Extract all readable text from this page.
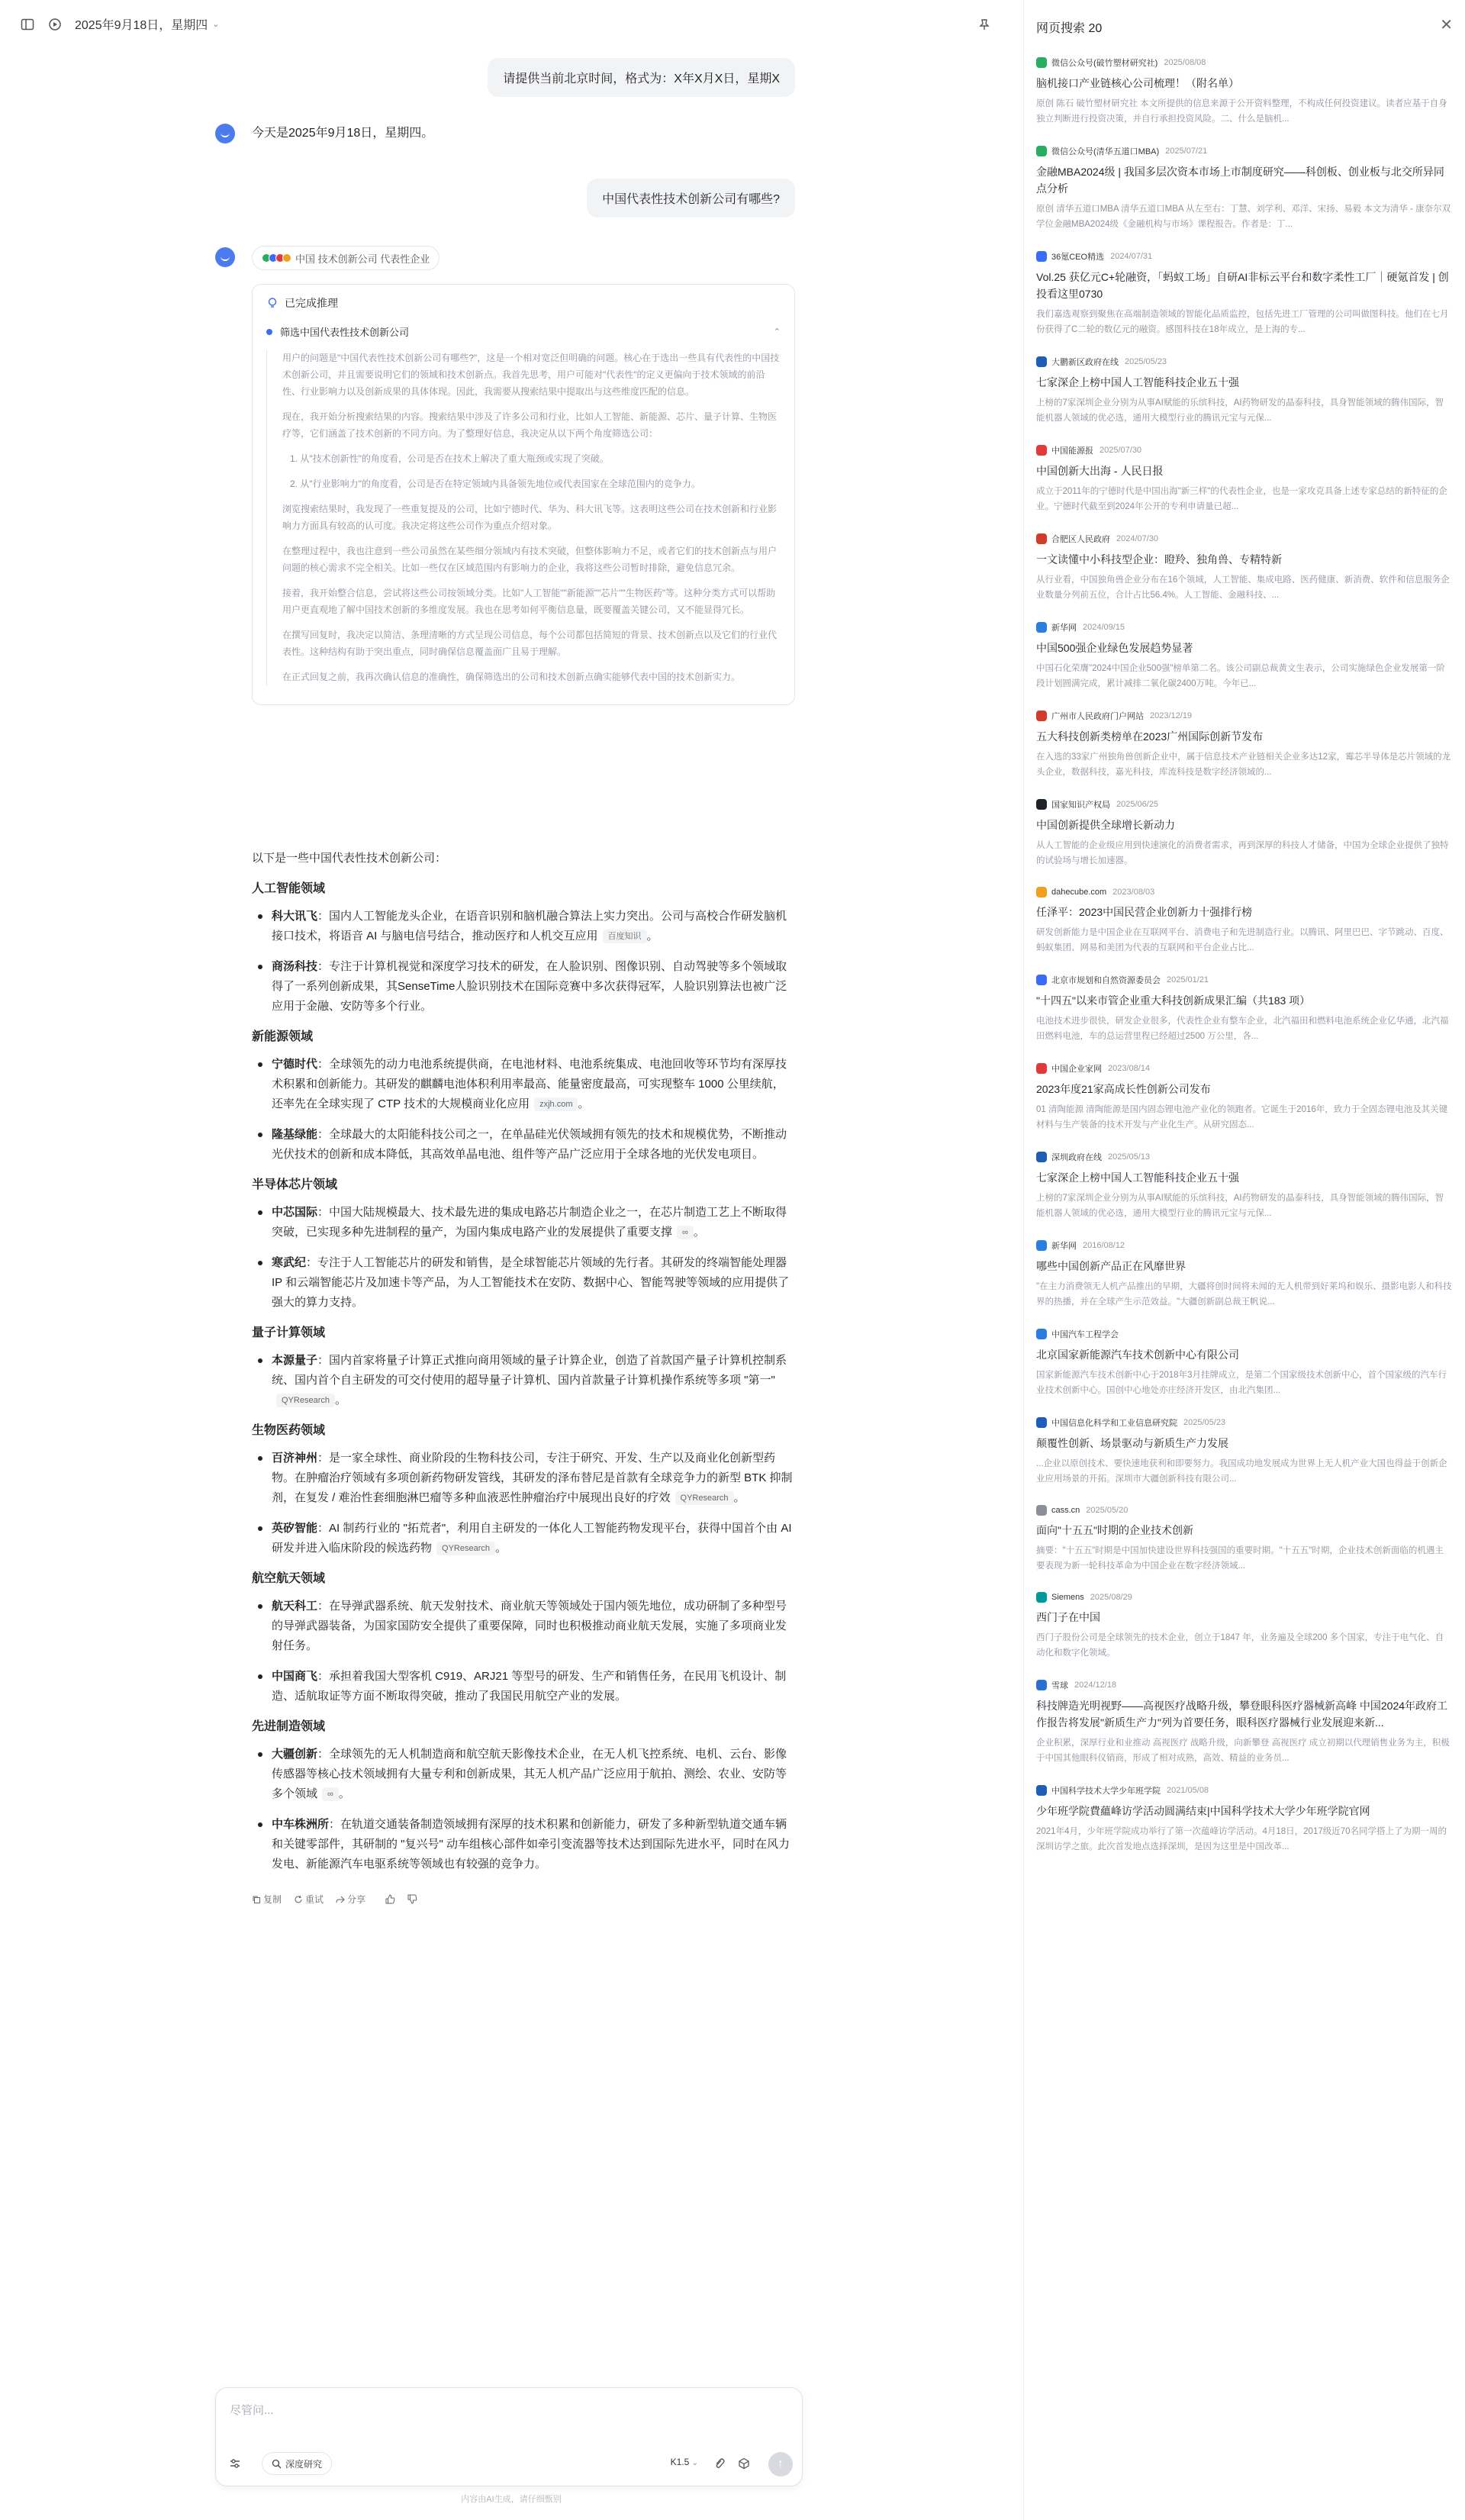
2025年9月18日，星期四 ⌄
请提供当前北京时间，格式为：X年X月X日，星期X
今天是2025年9月18日，星期四。
中国代表性技术创新公司有哪些?
中国 技术创新公司 代表性企业
已完成推理
筛选中国代表性技术创新公司	⌃

用户的问题是"中国代表性技术创新公司有哪些?"，这是一个相对宽泛但明确的问题。核心在于选出一些具有代表性的中国技术创新公司，并且需要说明它们的领域和技术创新点。我首先思考，用户可能对"代表性"的定义更偏向于技术领域的前沿性、行业影响力以及创新成果的具体体现。因此，我需要从搜索结果中提取出与这些维度匹配的信息。

现在，我开始分析搜索结果的内容。搜索结果中涉及了许多公司和行业，比如人工智能、新能源、芯片、量子计算、生物医疗等，它们涵盖了技术创新的不同方向。为了整理好信息，我决定从以下两个角度筛选公司：

1. 从"技术创新性"的角度看，公司是否在技术上解决了重大瓶颈或实现了突破。

2. 从"行业影响力"的角度看，公司是否在特定领域内具备领先地位或代表国家在全球范围内的竞争力。

浏览搜索结果时，我发现了一些重复提及的公司，比如宁德时代、华为、科大讯飞等。这表明这些公司在技术创新和行业影响力方面具有较高的认可度。我决定将这些公司作为重点介绍对象。

在整理过程中，我也注意到一些公司虽然在某些细分领域内有技术突破，但整体影响力不足，或者它们的技术创新点与用户问题的核心需求不完全相关。比如一些仅在区域范围内有影响力的企业，我将这些公司暂时排除，避免信息冗余。

接着，我开始整合信息，尝试将这些公司按领域分类。比如"人工智能""新能源""芯片""生物医药"等。这种分类方式可以帮助用户更直观地了解中国技术创新的多维度发展。我也在思考如何平衡信息量，既要覆盖关键公司，又不能显得冗长。

在撰写回复时，我决定以简洁、条理清晰的方式呈现公司信息，每个公司都包括简短的背景、技术创新点以及它们的行业代表性。这种结构有助于突出重点，同时确保信息覆盖面广且易于理解。

在正式回复之前，我再次确认信息的准确性，确保筛选出的公司和技术创新点确实能够代表中国的技术创新实力。

以下是一些中国代表性技术创新公司：
人工智能领域
科大讯飞：国内人工智能龙头企业，在语音识别和脑机融合算法上实力突出。公司与高校合作研发脑机接口技术，将语音 AI 与脑电信号结合，推动医疗和人机交互应用 百度知识 。
商汤科技：专注于计算机视觉和深度学习技术的研发，在人脸识别、图像识别、自动驾驶等多个领域取得了一系列创新成果，其SenseTime人脸识别技术在国际竞赛中多次获得冠军，人脸识别算法也被广泛应用于金融、安防等多个行业。
新能源领域
宁德时代：全球领先的动力电池系统提供商，在电池材料、电池系统集成、电池回收等环节均有深厚技术积累和创新能力。其研发的麒麟电池体积利用率最高、能量密度最高，可实现整车 1000 公里续航，还率先在全球实现了 CTP 技术的大规模商业化应用 zxjh.com 。
隆基绿能：全球最大的太阳能科技公司之一，在单晶硅光伏领域拥有领先的技术和规模优势，不断推动光伏技术的创新和成本降低，其高效单晶电池、组件等产品广泛应用于全球各地的光伏发电项目。
半导体芯片领域
中芯国际：中国大陆规模最大、技术最先进的集成电路芯片制造企业之一，在芯片制造工艺上不断取得突破，已实现多种先进制程的量产，为国内集成电路产业的发展提供了重要支撑 ∞ 。
寒武纪：专注于人工智能芯片的研发和销售，是全球智能芯片领域的先行者。其研发的终端智能处理器 IP 和云端智能芯片及加速卡等产品，为人工智能技术在安防、数据中心、智能驾驶等领域的应用提供了强大的算力支持。
量子计算领域
本源量子：国内首家将量子计算正式推向商用领域的量子计算企业，创造了首款国产量子计算机控制系统、国内首个自主研发的可交付使用的超导量子计算机、国内首款量子计算机操作系统等多项 "第一"QYResearch 。
生物医药领域
百济神州：是一家全球性、商业阶段的生物科技公司，专注于研究、开发、生产以及商业化创新型药物。在肿瘤治疗领域有多项创新药物研发管线，其研发的泽布替尼是首款有全球竞争力的新型 BTK 抑制剂，在复发 / 难治性套细胞淋巴瘤等多种血液恶性肿瘤治疗中展现出良好的疗效 QYResearch 。
英矽智能：AI 制药行业的 "拓荒者"，利用自主研发的一体化人工智能药物发现平台，获得中国首个由 AI 研发并进入临床阶段的候选药物 QYResearch 。
航空航天领域
航天科工：在导弹武器系统、航天发射技术、商业航天等领域处于国内领先地位，成功研制了多种型号的导弹武器装备，为国家国防安全提供了重要保障，同时也积极推动商业航天发展，实施了多项商业发射任务。
中国商飞：承担着我国大型客机 C919、ARJ21 等型号的研发、生产和销售任务，在民用飞机设计、制造、适航取证等方面不断取得突破，推动了我国民用航空产业的发展。
先进制造领域
大疆创新：全球领先的无人机制造商和航空航天影像技术企业，在无人机飞控系统、电机、云台、影像传感器等核心技术领域拥有大量专利和创新成果，其无人机产品广泛应用于航拍、测绘、农业、安防等多个领域 ∞ 。
中车株洲所：在轨道交通装备制造领域拥有深厚的技术积累和创新能力，研发了多种新型轨道交通车辆和关键零部件，其研制的 "复兴号" 动车组核心部件如牵引变流器等技术达到国际先进水平，同时在风力发电、新能源汽车电驱系统等领域也有较强的竞争力。
复制	重试	分享
尽管问...
深度研究	K1.5 ⌄	↑
内容由AI生成，请仔细甄别
网页搜索 20	✕
微信公众号(破竹塑材研究社) 2025/08/08
脑机接口产业链核心公司梳理！（附名单）
原创 陈石 破竹塑材研究社 本文所提供的信息来源于公开资料整理，不构成任何投资建议。读者应基于自身独立判断进行投资决策，并自行承担投资风险。二、什么是脑机...
微信公众号(清华五道口MBA) 2025/07/21
金融MBA2024级 | 我国多层次资本市场上市制度研究——科创板、创业板与北交所异同点分析
原创 清华五道口MBA 清华五道口MBA 从左至右：丁慧、刘学利、邓洋、宋扬、易毅 本文为清华 - 康奈尔双学位金融MBA2024级《金融机构与市场》课程报告。作者是：丁...
36氪CEO精选 2024/07/31
Vol.25 获亿元C+轮融资，「蚂蚁工场」自研AI非标云平台和数字柔性工厂｜硬氪首发 | 创投看这里0730
我们嘉选观察到聚焦在高端制造领域的智能化品质监控，包括先进工厂管理的公司叫做图科技。他们在七月份获得了C二轮的数亿元的融资。感图科技在18年成立，是上海的专...
大鹏新区政府在线 2025/05/23
七家深企上榜中国人工智能科技企业五十强
上榜的7家深圳企业分别为从事AI赋能的乐缤科技，AI药物研发的晶泰科技，具身智能领域的腾伟国际，智能机器人领域的优必选，通用大模型行业的腾讯元宝与元保...
中国能源报 2025/07/30
中国创新大出海 - 人民日报
成立于2011年的宁德时代是中国出海"新三样"的代表性企业，也是一家攻克具备上述专家总结的新特征的企业。宁德时代截至到2024年公开的专利申请量已超...
合肥区人民政府 2024/07/30
一文读懂中小科技型企业：瞪羚、独角兽、专精特新
从行业看，中国独角兽企业分布在16个领域，人工智能、集成电路、医药健康、新消费、软件和信息服务企业数量分列前五位，合计占比56.4%。人工智能、金融科技、...
新华网 2024/09/15
中国500强企业绿色发展趋势显著
中国石化荣膺"2024中国企业500强"榜单第二名。该公司副总裁黄文生表示，公司实施绿色企业发展第一阶段计划圆满完成，累计减排二氧化碳2400万吨。今年已...
广州市人民政府门户网站 2023/12/19
五大科技创新类榜单在2023广州国际创新节发布
在入选的33家广州独角兽创新企业中，属于信息技术产业链相关企业多达12家，霉芯半导体是芯片领域的龙头企业，数据科技，嘉光科技，库流科技是数字经济领域的...
国家知识产权局 2025/06/25
中国创新提供全球增长新动力
从人工智能的企业级应用到快速演化的消费者需求，再到深厚的科技人才储备，中国为全球企业提供了独特的试验场与增长加速器。
dahecube.com 2023/08/03
任泽平：2023中国民营企业创新力十强排行榜
研发创新能力是中国企业在互联网平台、消费电子和先进制造行业。以腾讯、阿里巴巴、字节跳动、百度、蚂蚁集团、网易和美团为代表的互联网和平台企业占比...
北京市规划和自然资源委员会 2025/01/21
"十四五"以来市管企业重大科技创新成果汇编（共183 项）
电池技术进步很快，研发企业很多，代表性企业有整车企业，北汽福田和燃料电池系统企业亿华通，北汽福田燃料电池，车的总运营里程已经超过2500 万公里，各...
中国企业家网 2023/08/14
2023年度21家高成长性创新公司发布
01 清陶能源 清陶能源是国内固态锂电池产业化的领跑者。它诞生于2016年，致力于全固态锂电池及其关键材料与生产装备的技术开发与产业化生产。从研究固态...
深圳政府在线 2025/05/13
七家深企上榜中国人工智能科技企业五十强
上榜的7家深圳企业分别为从事AI赋能的乐缤科技，AI药物研发的晶泰科技，具身智能领域的腾伟国际，智能机器人领域的优必选，通用大模型行业的腾讯元宝与元保...
新华网 2016/08/12
哪些中国创新产品正在风靡世界
"在主力消费领无人机产品推出的早期，大疆将创时间将未闻的无人机带到好莱坞和娱乐、摄影电影人和科技界的热播，并在全球产生示范效益。"大疆创新副总裁王帆说...
中国汽车工程学会
北京国家新能源汽车技术创新中心有限公司
国家新能源汽车技术创新中心于2018年3月挂牌成立，是第二个国家级技术创新中心，首个国家级的汽车行业技术创新中心。国创中心地处亦庄经济开发区，由北汽集团...
中国信息化科学和工业信息研究院 2025/05/23
颠覆性创新、场景驱动与新质生产力发展
...企业以原创技术、要快速地获利和即要努力。我国成功地发展成为世界上无人机产业大国也得益于创新企业应用场景的开拓。深圳市大疆创新科技有限公司...
cass.cn 2025/05/20
面向"十五五"时期的企业技术创新
摘要："十五五"时期是中国加快建设世界科技强国的重要时期。"十五五"时期，企业技术创新面临的机遇主要表现为新一轮科技革命为中国企业在数字经济领域...
Siemens 2025/08/29
西门子在中国
西门子股份公司是全球领先的技术企业，创立于1847 年，业务遍及全球200 多个国家，专注于电气化、自动化和数字化领域。
雪球 2024/12/18
科技牌造光明视野——高视医疗战略升级，攀登眼科医疗器械新高峰 中国2024年政府工作报告将发展"新质生产力"列为首要任务，眼科医疗器械行业发展迎来新...
企业积累，深厚行业和业推动 高视医疗 战略升级，向新攀登 高视医疗 成立初期以代理销售业务为主，积极于中国其他眼科仪销商，形成了相对成熟，高效、精益的业务员...
中国科学技术大学少年班学院 2021/05/08
少年班学院費蘊峰访学活动圆满结束|中国科学技术大学少年班学院官网
2021年4月，少年班学院成功举行了第一次蕴峰访学活动。4月18日，2017级近70名同学搭上了为期一周的深圳访学之旅。此次首发地点选择深圳，是因为这里是中国改革...
